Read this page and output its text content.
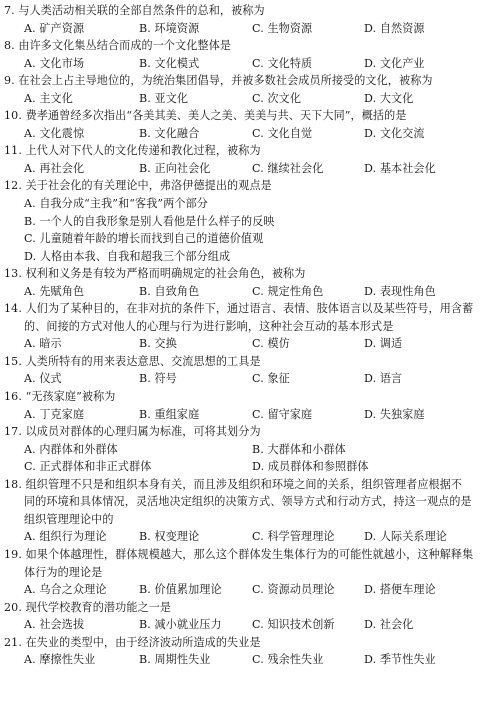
7. 与人类活动相关联的全部自然条件的总和，被称为
A. 矿产资源	B. 环境资源	C. 生物资源	D. 自然资源
8. 由许多文化集丛结合而成的一个文化整体是
A. 文化市场	B. 文化模式	C. 文化特质	D. 文化产业
9. 在社会上占主导地位的，为统治集团倡导，并被多数社会成员所接受的文化，被称为
A. 主文化	B. 亚文化	C. 次文化	D. 大文化
10. 费孝通曾经多次指出“各美其美、美人之美、美美与共、天下大同”，概括的是
A. 文化震惊	B. 文化融合	C. 文化自觉	D. 文化交流
11. 上代人对下代人的文化传递和教化过程，被称为
A. 再社会化	B. 正向社会化	C. 继续社会化	D. 基本社会化
12. 关于社会化的有关理论中，弗洛伊德提出的观点是
A. 自我分成“主我”和“客我”两个部分
B. 一个人的自我形象是别人看他是什么样子的反映
C. 儿童随着年龄的增长而找到自己的道德价值观
D. 人格由本我、自我和超我三个部分组成
13. 权利和义务是有较为严格而明确规定的社会角色，被称为
A. 先赋角色	B. 自致角色	C. 规定性角色	D. 表现性角色
14. 人们为了某种目的，在非对抗的条件下，通过语言、表情、肢体语言以及某些符号，用含蓄
的、间接的方式对他人的心理与行为进行影响，这种社会互动的基本形式是
A. 暗示	B. 交换	C. 模仿	D. 调适
15. 人类所特有的用来表达意思、交流思想的工具是
A. 仪式	B. 符号	C. 象征	D. 语言
16. “无孩家庭”被称为
A. 丁克家庭	B. 重组家庭	C. 留守家庭	D. 失独家庭
17. 以成员对群体的心理归属为标准，可将其划分为
A. 内群体和外群体	B. 大群体和小群体
C. 正式群体和非正式群体	D. 成员群体和参照群体
18. 组织管理不只是和组织本身有关，而且涉及组织和环境之间的关系，组织管理者应根据不
同的环境和具体情况，灵活地决定组织的决策方式、领导方式和行动方式，持这一观点的是
组织管理理论中的
A. 组织行为理论	B. 权变理论	C. 科学管理理论	D. 人际关系理论
19. 如果个体越理性，群体规模越大，那么这个群体发生集体行为的可能性就越小，这种解释集
体行为的理论是
A. 乌合之众理论	B. 价值累加理论	C. 资源动员理论	D. 搭便车理论
20. 现代学校教育的潜功能之一是
A. 社会选拔	B. 减小就业压力	C. 知识技术创新	D. 社会化
21. 在失业的类型中，由于经济波动所造成的失业是
A. 摩擦性失业	B. 周期性失业	C. 残余性失业	D. 季节性失业
